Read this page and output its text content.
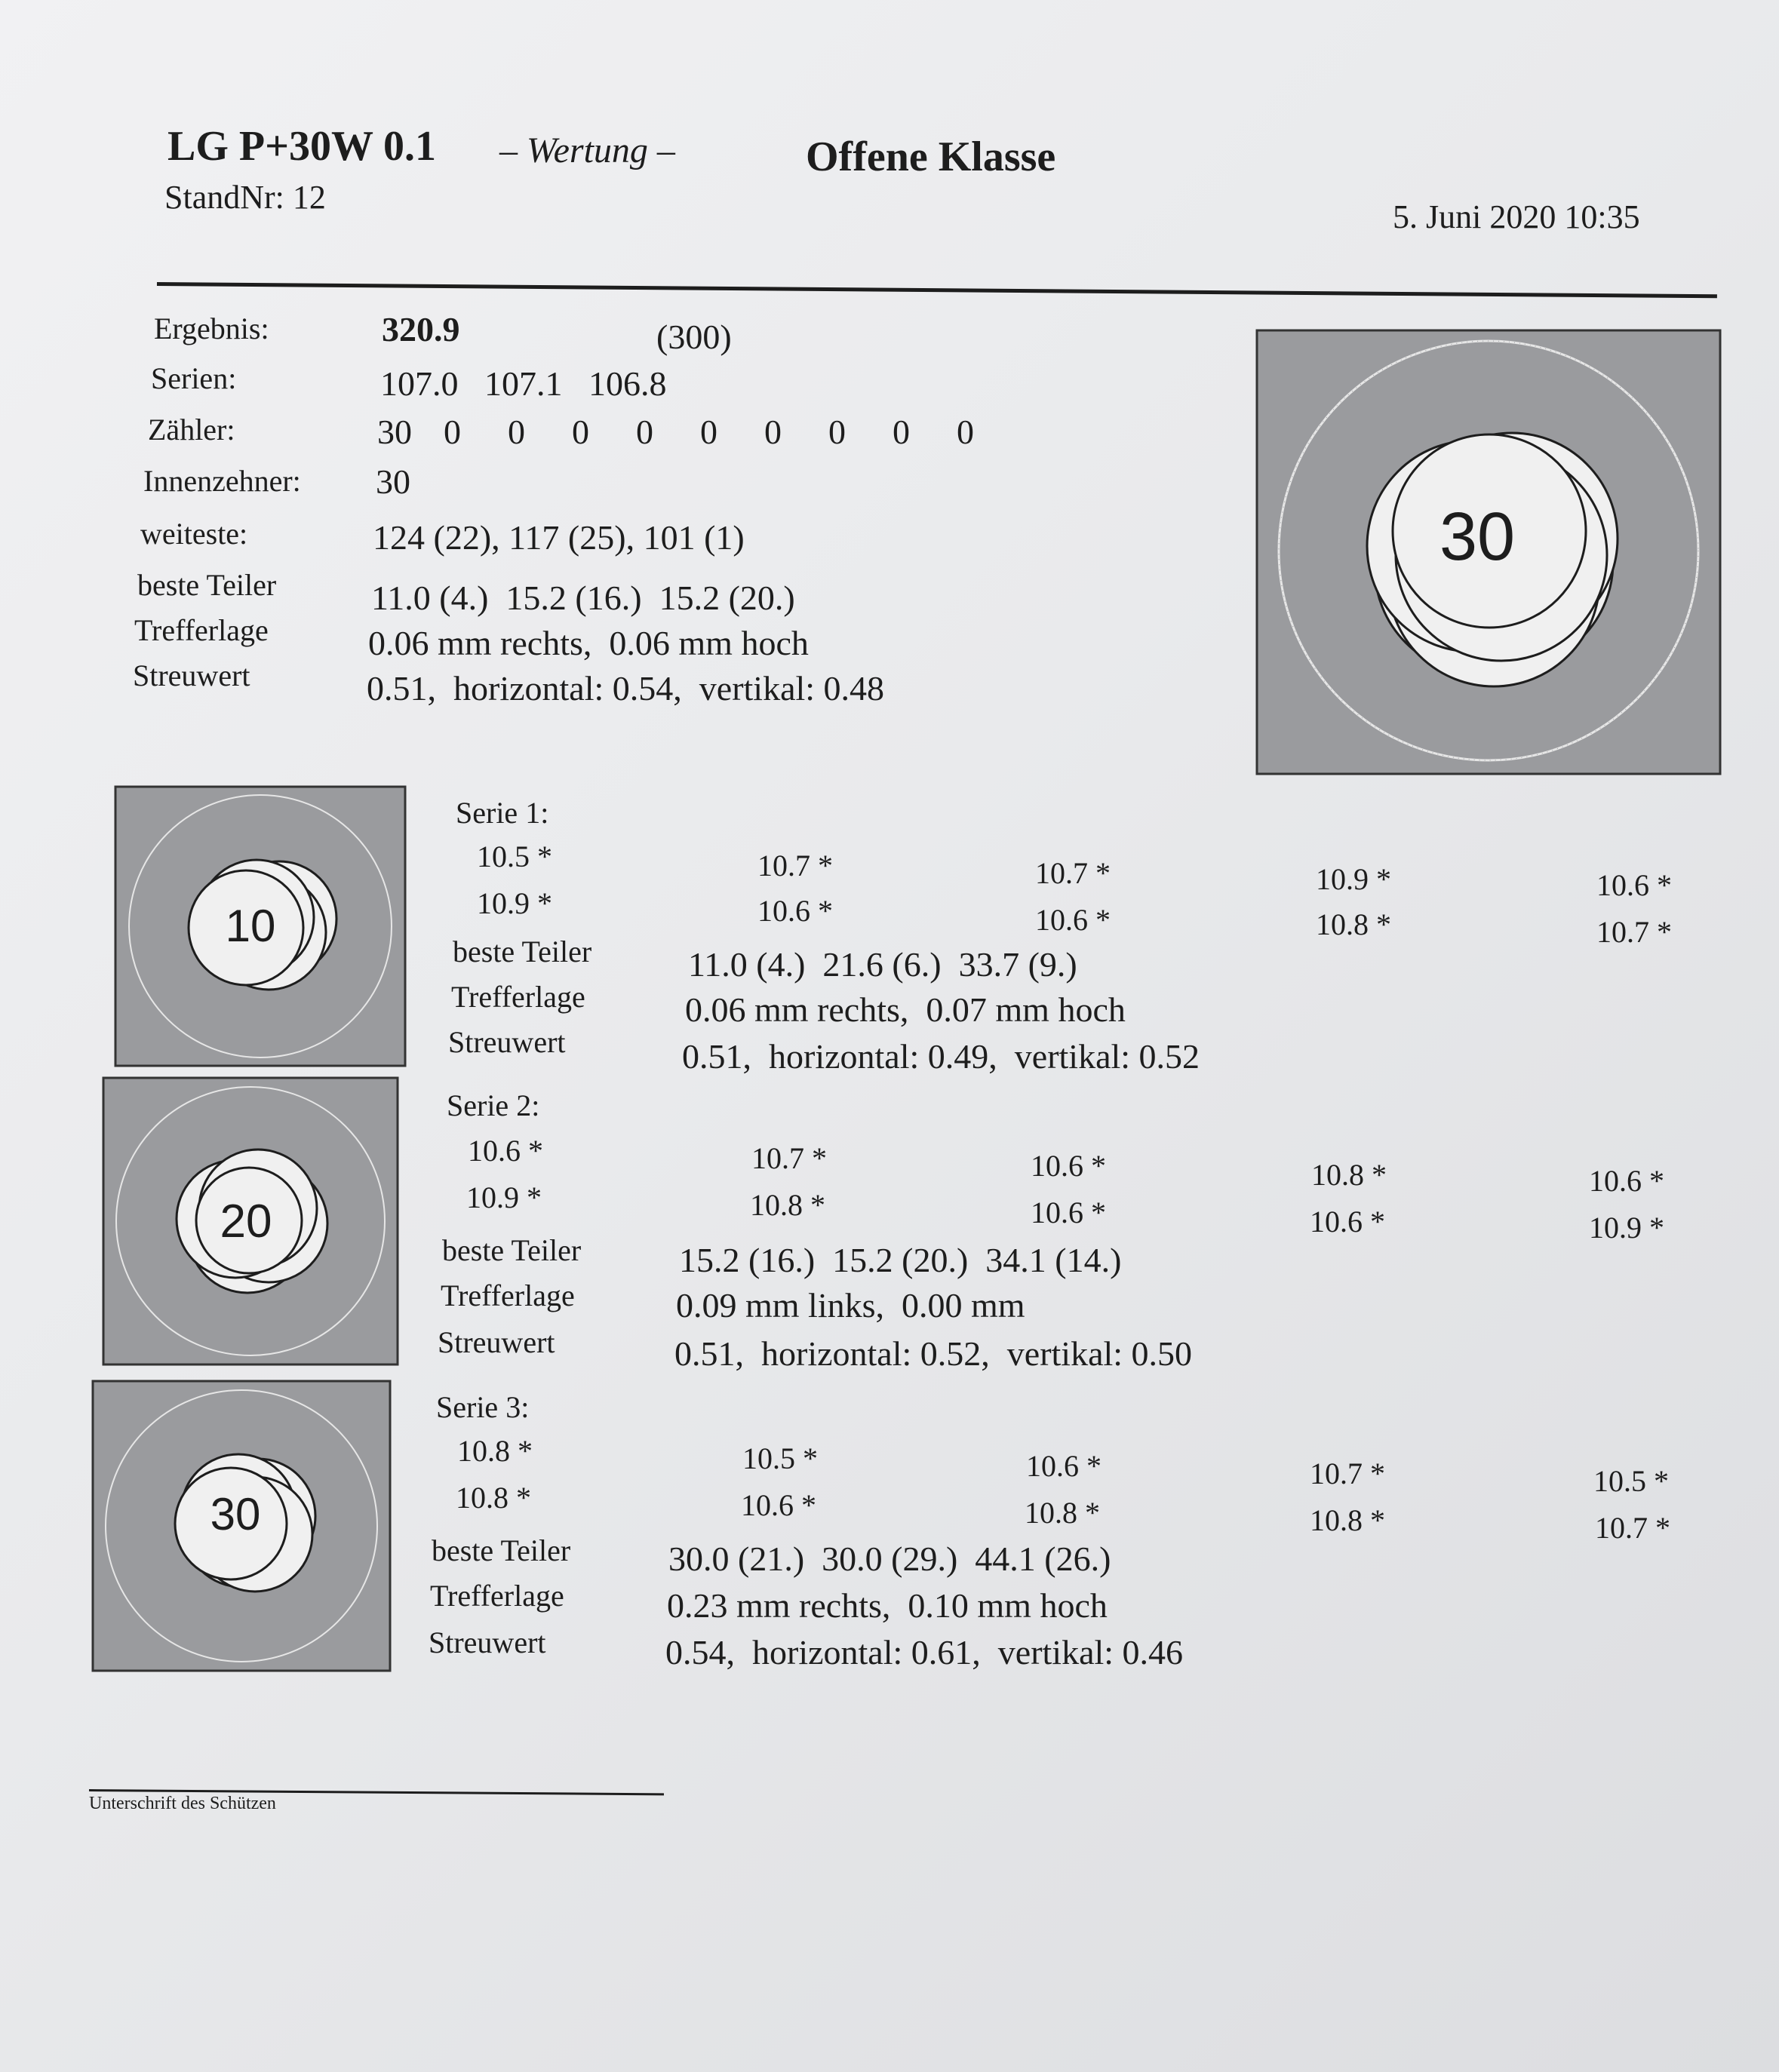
LG P+30W 0.1 – Wertung –	Offene Klasse
StandNr: 12
5. Juni 2020 10:35
Ergebnis:	320.9	(300)
Serien:	107.0   107.1   106.8
Zähler:	30 0 0 0 0 0 0 0 0 0
Innenzehner: 30
weiteste:	124 (22), 117 (25), 101 (1)
beste Teiler	11.0 (4.)  15.2 (16.)  15.2 (20.)
Trefferlage	0.06 mm rechts,  0.06 mm hoch
Streuwert	0.51,  horizontal: 0.54,  vertikal: 0.48
30
10
Serie 1:
10.5 *	10.7 *	10.7 *	10.9 *	10.6 *
10.9 *	10.6 *	10.6 *	10.8 *	10.7 *
beste Teiler	11.0 (4.)  21.6 (6.)  33.7 (9.)
Trefferlage	0.06 mm rechts,  0.07 mm hoch
Streuwert	0.51,  horizontal: 0.49,  vertikal: 0.52
20
Serie 2:
10.6 *	10.7 *	10.6 *	10.8 *	10.6 *
10.9 *	10.8 *	10.6 *	10.6 *	10.9 *
beste Teiler	15.2 (16.)  15.2 (20.)  34.1 (14.)
Trefferlage	0.09 mm links,  0.00 mm
Streuwert	0.51,  horizontal: 0.52,  vertikal: 0.50
30
Serie 3:
10.8 *	10.5 *	10.6 *	10.7 *	10.5 *
10.8 *	10.6 *	10.8 *	10.8 *	10.7 *
beste Teiler	30.0 (21.)  30.0 (29.)  44.1 (26.)
Trefferlage	0.23 mm rechts,  0.10 mm hoch
Streuwert	0.54,  horizontal: 0.61,  vertikal: 0.46
Unterschrift des Schützen
